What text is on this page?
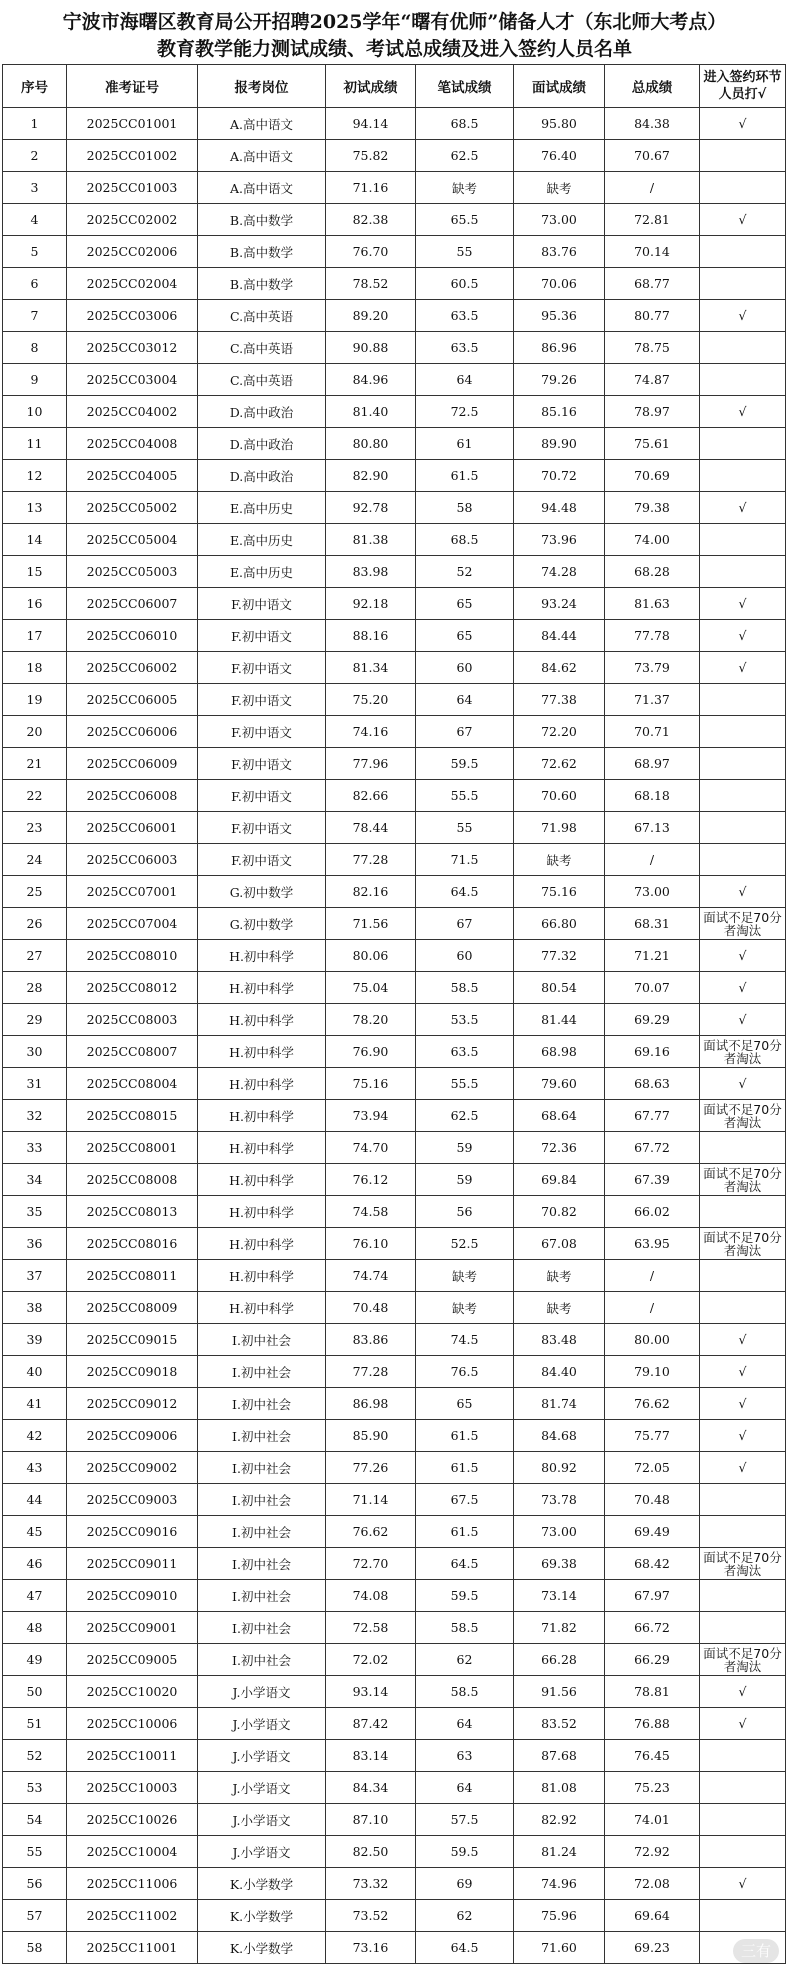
宁波市海曙区教育局公开招聘2025学年“曙有优师”储备人才（东北师大考点）
教育教学能力测试成绩、考试总成绩及进入签约人员名单
序号	准考证号	报考岗位	初试成绩	笔试成绩	面试成绩	总成绩	进入签约环节人员打√
1	2025CC01001	A.高中语文	94.14	68.5	95.80	84.38	√
2	2025CC01002	A.高中语文	75.82	62.5	76.40	70.67	
3	2025CC01003	A.高中语文	71.16	缺考	缺考	/	
4	2025CC02002	B.高中数学	82.38	65.5	73.00	72.81	√
5	2025CC02006	B.高中数学	76.70	55	83.76	70.14	
6	2025CC02004	B.高中数学	78.52	60.5	70.06	68.77	
7	2025CC03006	C.高中英语	89.20	63.5	95.36	80.77	√
8	2025CC03012	C.高中英语	90.88	63.5	86.96	78.75	
9	2025CC03004	C.高中英语	84.96	64	79.26	74.87	
10	2025CC04002	D.高中政治	81.40	72.5	85.16	78.97	√
11	2025CC04008	D.高中政治	80.80	61	89.90	75.61	
12	2025CC04005	D.高中政治	82.90	61.5	70.72	70.69	
13	2025CC05002	E.高中历史	92.78	58	94.48	79.38	√
14	2025CC05004	E.高中历史	81.38	68.5	73.96	74.00	
15	2025CC05003	E.高中历史	83.98	52	74.28	68.28	
16	2025CC06007	F.初中语文	92.18	65	93.24	81.63	√
17	2025CC06010	F.初中语文	88.16	65	84.44	77.78	√
18	2025CC06002	F.初中语文	81.34	60	84.62	73.79	√
19	2025CC06005	F.初中语文	75.20	64	77.38	71.37	
20	2025CC06006	F.初中语文	74.16	67	72.20	70.71	
21	2025CC06009	F.初中语文	77.96	59.5	72.62	68.97	
22	2025CC06008	F.初中语文	82.66	55.5	70.60	68.18	
23	2025CC06001	F.初中语文	78.44	55	71.98	67.13	
24	2025CC06003	F.初中语文	77.28	71.5	缺考	/	
25	2025CC07001	G.初中数学	82.16	64.5	75.16	73.00	√
26	2025CC07004	G.初中数学	71.56	67	66.80	68.31	面试不足70分者淘汰
27	2025CC08010	H.初中科学	80.06	60	77.32	71.21	√
28	2025CC08012	H.初中科学	75.04	58.5	80.54	70.07	√
29	2025CC08003	H.初中科学	78.20	53.5	81.44	69.29	√
30	2025CC08007	H.初中科学	76.90	63.5	68.98	69.16	面试不足70分者淘汰
31	2025CC08004	H.初中科学	75.16	55.5	79.60	68.63	√
32	2025CC08015	H.初中科学	73.94	62.5	68.64	67.77	面试不足70分者淘汰
33	2025CC08001	H.初中科学	74.70	59	72.36	67.72	
34	2025CC08008	H.初中科学	76.12	59	69.84	67.39	面试不足70分者淘汰
35	2025CC08013	H.初中科学	74.58	56	70.82	66.02	
36	2025CC08016	H.初中科学	76.10	52.5	67.08	63.95	面试不足70分者淘汰
37	2025CC08011	H.初中科学	74.74	缺考	缺考	/	
38	2025CC08009	H.初中科学	70.48	缺考	缺考	/	
39	2025CC09015	I.初中社会	83.86	74.5	83.48	80.00	√
40	2025CC09018	I.初中社会	77.28	76.5	84.40	79.10	√
41	2025CC09012	I.初中社会	86.98	65	81.74	76.62	√
42	2025CC09006	I.初中社会	85.90	61.5	84.68	75.77	√
43	2025CC09002	I.初中社会	77.26	61.5	80.92	72.05	√
44	2025CC09003	I.初中社会	71.14	67.5	73.78	70.48	
45	2025CC09016	I.初中社会	76.62	61.5	73.00	69.49	
46	2025CC09011	I.初中社会	72.70	64.5	69.38	68.42	面试不足70分者淘汰
47	2025CC09010	I.初中社会	74.08	59.5	73.14	67.97	
48	2025CC09001	I.初中社会	72.58	58.5	71.82	66.72	
49	2025CC09005	I.初中社会	72.02	62	66.28	66.29	面试不足70分者淘汰
50	2025CC10020	J.小学语文	93.14	58.5	91.56	78.81	√
51	2025CC10006	J.小学语文	87.42	64	83.52	76.88	√
52	2025CC10011	J.小学语文	83.14	63	87.68	76.45	
53	2025CC10003	J.小学语文	84.34	64	81.08	75.23	
54	2025CC10026	J.小学语文	87.10	57.5	82.92	74.01	
55	2025CC10004	J.小学语文	82.50	59.5	81.24	72.92	
56	2025CC11006	K.小学数学	73.32	69	74.96	72.08	√
57	2025CC11002	K.小学数学	73.52	62	75.96	69.64	
58	2025CC11001	K.小学数学	73.16	64.5	71.60	69.23		三有
